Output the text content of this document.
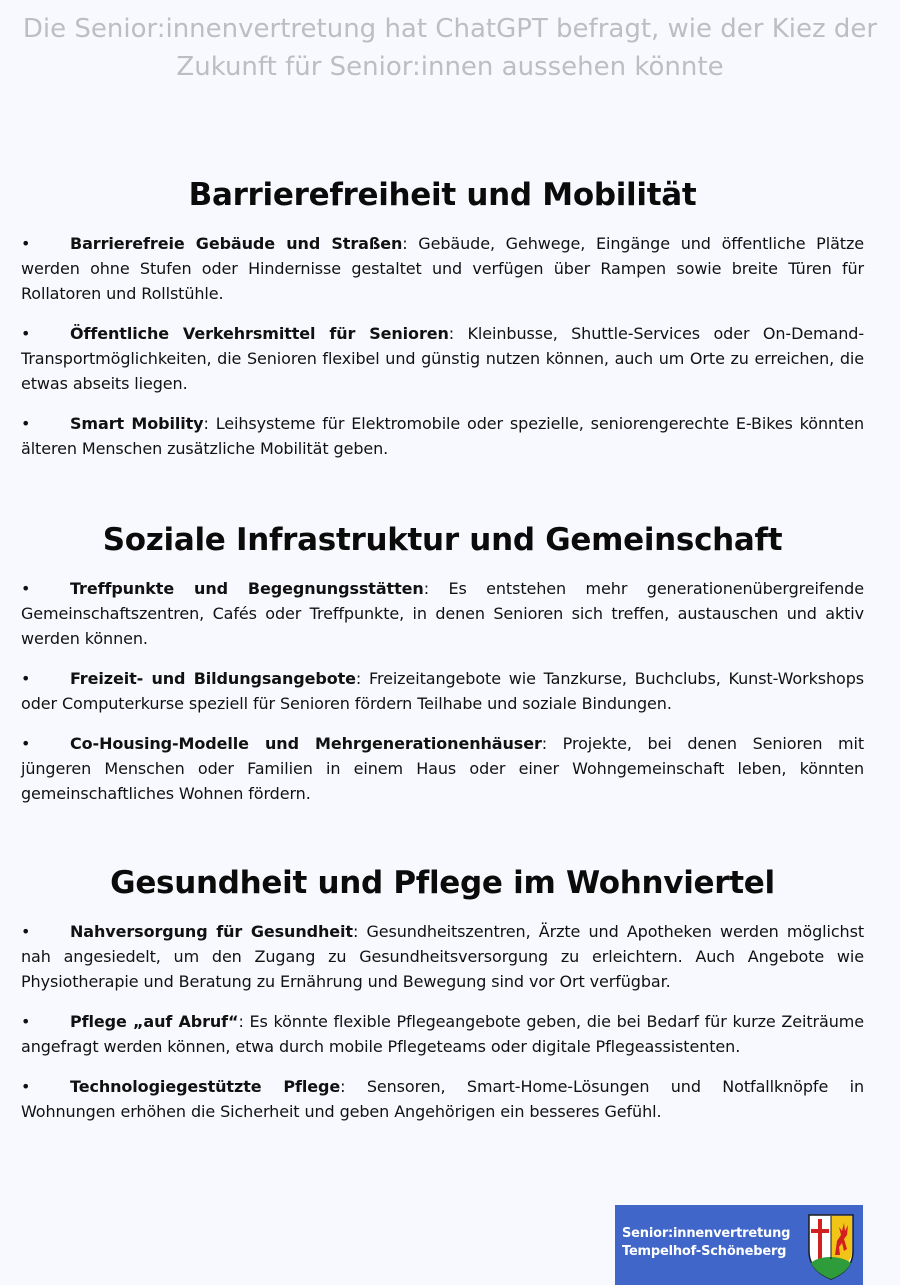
Die Senior:innenvertretung hat ChatGPT befragt, wie der Kiez der Zukunft für Senior:innen aussehen könnte
Barrierefreiheit und Mobilität

• Barrierefreie Gebäude und Straßen: Gebäude, Gehwege, Eingänge und öffentliche Plätze werden ohne Stufen oder Hindernisse gestaltet und verfügen über Rampen sowie breite Türen für Rollatoren und Rollstühle.

• Öffentliche Verkehrsmittel für Senioren: Kleinbusse, Shuttle-Services oder On-Demand-Transportmöglichkeiten, die Senioren flexibel und günstig nutzen können, auch um Orte zu erreichen, die etwas abseits liegen.

• Smart Mobility: Leihsysteme für Elektromobile oder spezielle, seniorengerechte E-Bikes könnten älteren Menschen zusätzliche Mobilität geben.

Soziale Infrastruktur und Gemeinschaft

• Treffpunkte und Begegnungsstätten: Es entstehen mehr generationenübergreifende Gemeinschaftszentren, Cafés oder Treffpunkte, in denen Senioren sich treffen, austauschen und aktiv werden können.

• Freizeit- und Bildungsangebote: Freizeitangebote wie Tanzkurse, Buchclubs, Kunst-Workshops oder Computerkurse speziell für Senioren fördern Teilhabe und soziale Bindungen.

• Co-Housing-Modelle und Mehrgenerationenhäuser: Projekte, bei denen Senioren mit jüngeren Menschen oder Familien in einem Haus oder einer Wohngemeinschaft leben, könnten gemeinschaftliches Wohnen fördern.

Gesundheit und Pflege im Wohnviertel

• Nahversorgung für Gesundheit: Gesundheitszentren, Ärzte und Apotheken werden möglichst nah angesiedelt, um den Zugang zu Gesundheitsversorgung zu erleichtern. Auch Angebote wie Physiotherapie und Beratung zu Ernährung und Bewegung sind vor Ort verfügbar.

• Pflege „auf Abruf“: Es könnte flexible Pflegeangebote geben, die bei Bedarf für kurze Zeiträume angefragt werden können, etwa durch mobile Pflegeteams oder digitale Pflegeassistenten.

• Technologiegestützte Pflege: Sensoren, Smart-Home-Lösungen und Notfallknöpfe in Wohnungen erhöhen die Sicherheit und geben Angehörigen ein besseres Gefühl.

Senior:innenvertretung
Tempelhof-Schöneberg
